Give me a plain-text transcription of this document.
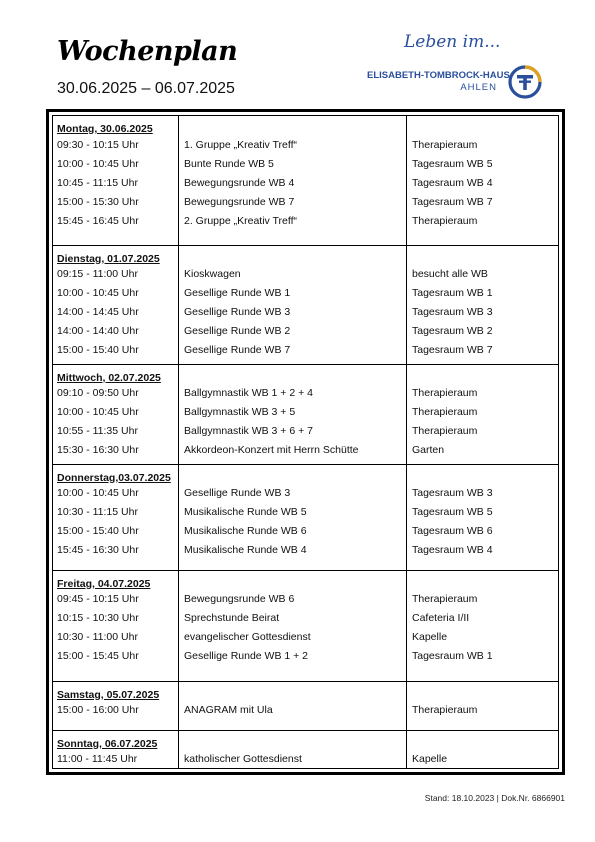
Wochenplan
30.06.2025 – 06.07.2025
Leben im...
ELISABETH-TOMBROCK-HAUS
AHLEN
Montag, 30.06.2025
09:30 - 10:15 Uhr	1. Gruppe „Kreativ Treff“	Therapieraum
10:00 - 10:45 Uhr	Bunte Runde WB 5	Tagesraum WB 5
10:45 - 11:15 Uhr	Bewegungsrunde WB 4	Tagesraum WB 4
15:00 - 15:30 Uhr	Bewegungsrunde WB 7	Tagesraum WB 7
15:45 - 16:45 Uhr	2. Gruppe „Kreativ Treff“	Therapieraum
Dienstag, 01.07.2025
09:15 - 11:00 Uhr	Kioskwagen	besucht alle WB
10:00 - 10:45 Uhr	Gesellige Runde WB 1	Tagesraum WB 1
14:00 - 14:45 Uhr	Gesellige Runde WB 3	Tagesraum WB 3
14:00 - 14:40 Uhr	Gesellige Runde WB 2	Tagesraum WB 2
15:00 - 15:40 Uhr	Gesellige Runde WB 7	Tagesraum WB 7
Mittwoch, 02.07.2025
09:10 - 09:50 Uhr	Ballgymnastik WB 1 + 2 + 4	Therapieraum
10:00 - 10:45 Uhr	Ballgymnastik WB 3 + 5	Therapieraum
10:55 - 11:35 Uhr	Ballgymnastik WB 3 + 6 + 7	Therapieraum
15:30 - 16:30 Uhr	Akkordeon-Konzert mit Herrn Schütte	Garten
Donnerstag,03.07.2025
10:00 - 10:45 Uhr	Gesellige Runde WB 3	Tagesraum WB 3
10:30 - 11:15 Uhr	Musikalische Runde WB 5	Tagesraum WB 5
15:00 - 15:40 Uhr	Musikalische Runde WB 6	Tagesraum WB 6
15:45 - 16:30 Uhr	Musikalische Runde WB 4	Tagesraum WB 4
Freitag, 04.07.2025
09:45 - 10:15 Uhr	Bewegungsrunde WB 6	Therapieraum
10:15 - 10:30 Uhr	Sprechstunde Beirat	Cafeteria I/II
10:30 - 11:00 Uhr	evangelischer Gottesdienst	Kapelle
15:00 - 15:45 Uhr	Gesellige Runde WB 1 + 2	Tagesraum WB 1
Samstag, 05.07.2025
15:00 - 16:00 Uhr	ANAGRAM mit Ula	Therapieraum
Sonntag, 06.07.2025
11:00 - 11:45 Uhr	katholischer Gottesdienst	Kapelle
Stand: 18.10.2023 | Dok.Nr. 6866901
